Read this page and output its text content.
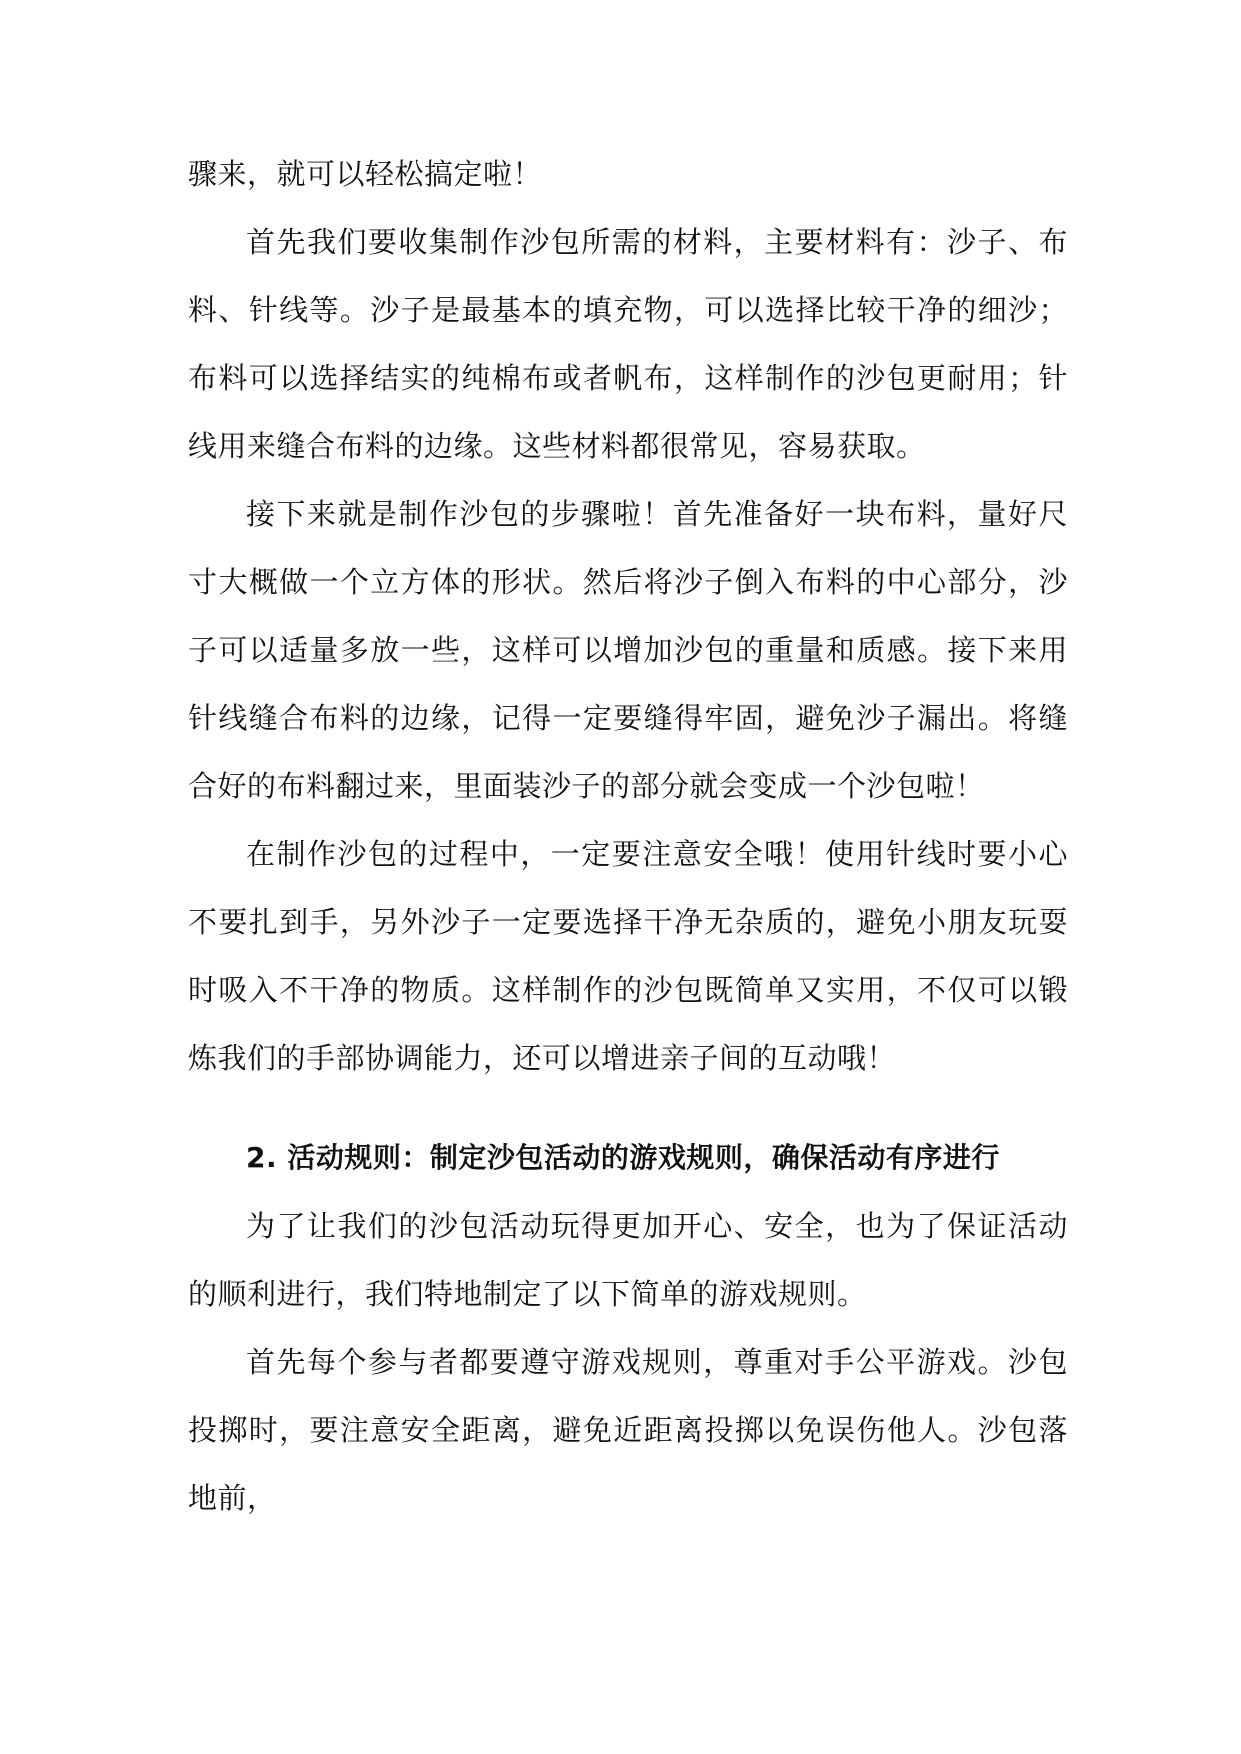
骤来，就可以轻松搞定啦！

首先我们要收集制作沙包所需的材料，主要材料有：沙子、布料、针线等。沙子是最基本的填充物，可以选择比较干净的细沙；布料可以选择结实的纯棉布或者帆布，这样制作的沙包更耐用；针线用来缝合布料的边缘。这些材料都很常见，容易获取。

接下来就是制作沙包的步骤啦！首先准备好一块布料，量好尺寸大概做一个立方体的形状。然后将沙子倒入布料的中心部分，沙子可以适量多放一些，这样可以增加沙包的重量和质感。接下来用针线缝合布料的边缘，记得一定要缝得牢固，避免沙子漏出。将缝合好的布料翻过来，里面装沙子的部分就会变成一个沙包啦！

在制作沙包的过程中，一定要注意安全哦！使用针线时要小心不要扎到手，另外沙子一定要选择干净无杂质的，避免小朋友玩耍时吸入不干净的物质。这样制作的沙包既简单又实用，不仅可以锻炼我们的手部协调能力，还可以增进亲子间的互动哦！

2. 活动规则：制定沙包活动的游戏规则，确保活动有序进行

为了让我们的沙包活动玩得更加开心、安全，也为了保证活动的顺利进行，我们特地制定了以下简单的游戏规则。

首先每个参与者都要遵守游戏规则，尊重对手公平游戏。沙包投掷时，要注意安全距离，避免近距离投掷以免误伤他人。沙包落地前，
